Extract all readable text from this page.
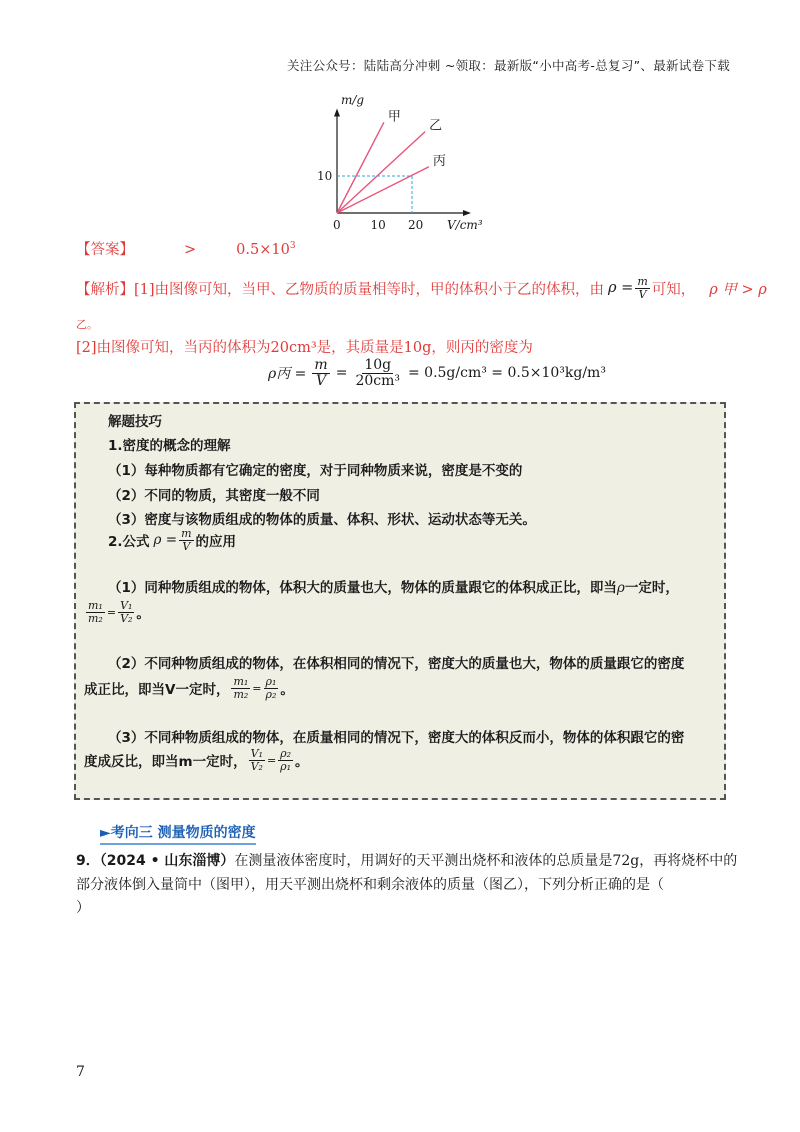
关注公众号：陆陆高分冲刺 ~领取：最新版“小中高考-总复习”、最新试卷下载
甲
乙
丙
0 10 20
10
V/cm³
m/g
【答案】	>	$0.5\times 10^3$
【解析】 [1]由图像可知，当甲、乙物质的质量相等时，甲的体积小于乙的体积，由 $\rho = \frac{m}{V}$ 可知， ρ 甲 > ρ
乙。
[2]由图像可知，当丙的体积为20cm³是，其质量是10g，则丙的密度为
ρ丙 = $\frac{m}{V} = \frac{10g}{\text{20cm³}} = 0.5g/cm^3 = 0.5\times 10^3kg/m^3$
解题技巧
1.密度的概念的理解
（1）每种物质都有它确定的密度，对于同种物质来说，密度是不变的
（2）不同的物质，其密度一般不同
（3）密度与该物质组成的物体的质量、体积、形状、运动状态等无关。
2.公式 $\rho = \frac{m}{V}$ 的应用
（1）同种物质组成的物体，体积大的质量也大，物体的质量跟它的体积成正比，即当ρ一定时，
$\frac{\text{m₁}}{\text{m₂}} = \frac{\text{V₁}}{\text{V₂}}$ 。
（2）不同种物质组成的物体，在体积相同的情况下，密度大的质量也大，物体的质量跟它的密度
成正比，即当V一定时， $\frac{\text{m₁}}{\text{m₂}} = \frac{\text{ρ₁}}{\text{ρ₂}}$ 。
（3）不同种物质组成的物体，在质量相同的情况下，密度大的体积反而小，物体的体积跟它的密
度成反比，即当m一定时， $\frac{\text{V₁}}{\text{V₂}} = \frac{\text{ρ₂}}{\text{ρ₁}}$ 。
►考向三 测量物质的密度
9．（2024 • 山东淄博）在测量液体密度时，用调好的天平测出烧杯和液体的总质量是72g，再将烧杯中的
部分液体倒入量筒中（图甲），用天平测出烧杯和剩余液体的质量（图乙），下列分析正确的是（
）
7
